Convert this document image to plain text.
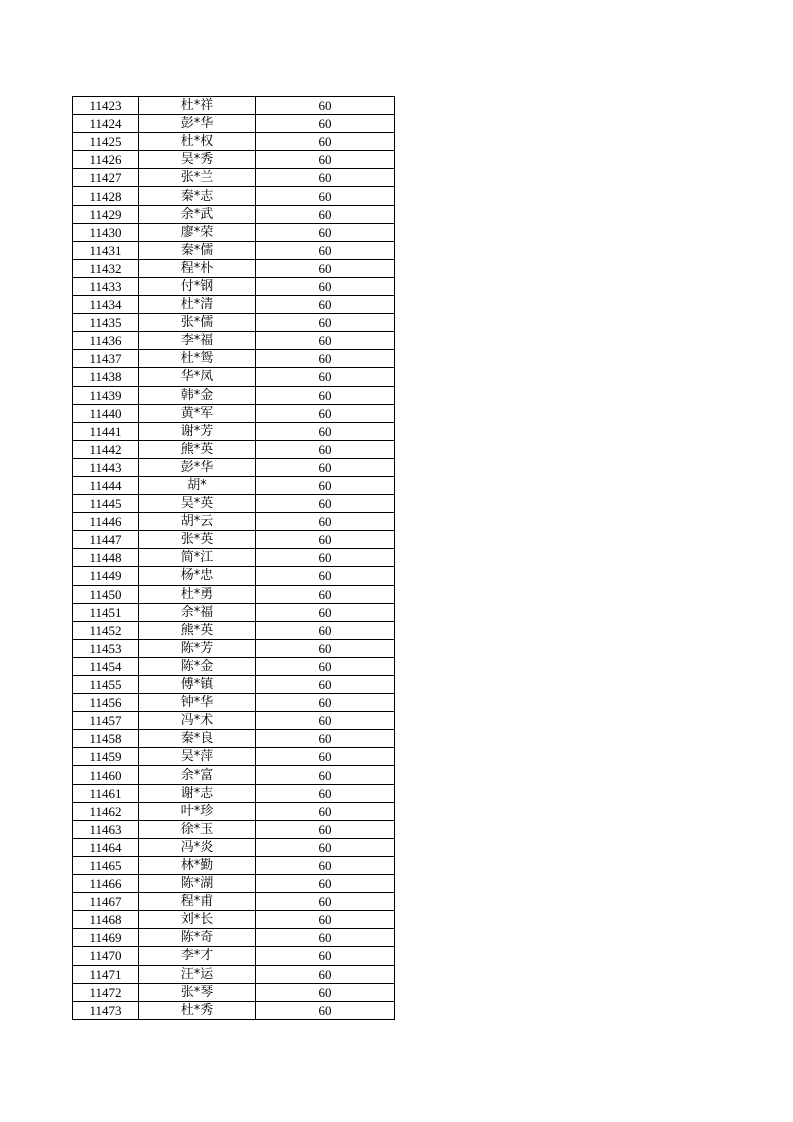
11423	杜*祥	60
11424	彭*华	60
11425	杜*权	60
11426	吴*秀	60
11427	张*兰	60
11428	秦*志	60
11429	余*武	60
11430	廖*荣	60
11431	秦*儒	60
11432	程*朴	60
11433	付*钢	60
11434	杜*清	60
11435	张*儒	60
11436	李*福	60
11437	杜*鸳	60
11438	华*凤	60
11439	韩*金	60
11440	黄*军	60
11441	谢*芳	60
11442	熊*英	60
11443	彭*华	60
11444	胡*	60
11445	吴*英	60
11446	胡*云	60
11447	张*英	60
11448	简*江	60
11449	杨*忠	60
11450	杜*勇	60
11451	余*福	60
11452	熊*英	60
11453	陈*芳	60
11454	陈*金	60
11455	傅*镇	60
11456	钟*华	60
11457	冯*术	60
11458	秦*良	60
11459	吴*萍	60
11460	余*富	60
11461	谢*志	60
11462	叶*珍	60
11463	徐*玉	60
11464	冯*炎	60
11465	林*勤	60
11466	陈*湖	60
11467	程*甫	60
11468	刘*长	60
11469	陈*奇	60
11470	李*才	60
11471	汪*运	60
11472	张*琴	60
11473	杜*秀	60
